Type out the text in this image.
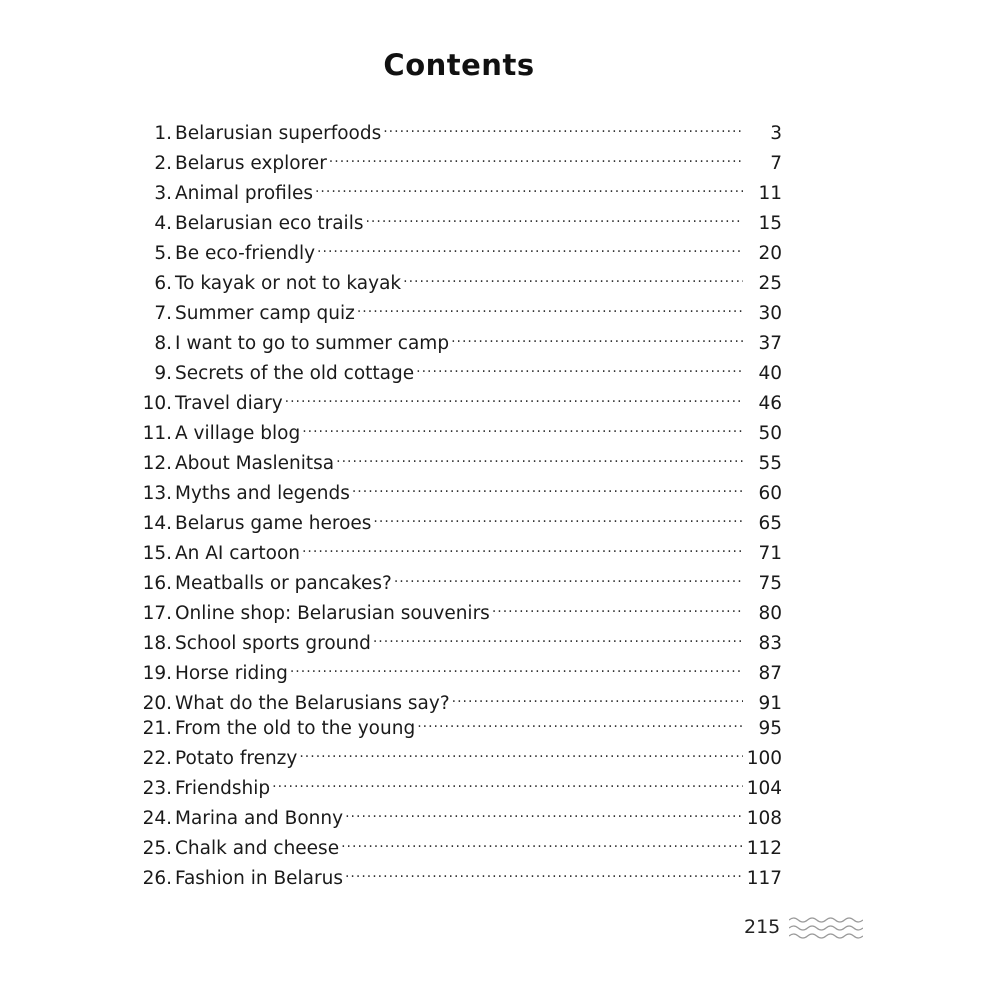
Contents
1. Belarusian superfoods .....	3
2. Belarus explorer .....	7
3. Animal profiles .....	11
4. Belarusian eco trails .....	15
5. Be eco-friendly .....	20
6. To kayak or not to kayak .....	25
7. Summer camp quiz .....	30
8. I want to go to summer camp .....	37
9. Secrets of the old cottage .....	40
10. Travel diary .....	46
11. A village blog .....	50
12. About Maslenitsa .....	55
13. Myths and legends .....	60
14. Belarus game heroes .....	65
15. An AI cartoon .....	71
16. Meatballs or pancakes? .....	75
17. Online shop: Belarusian souvenirs .....	80
18. School sports ground .....	83
19. Horse riding .....	87
20. What do the Belarusians say? .....	91
21. From the old to the young .....	95
22. Potato frenzy .....	100
23. Friendship .....	104
24. Marina and Bonny .....	108
25. Chalk and cheese .....	112
26. Fashion in Belarus .....	117
215
